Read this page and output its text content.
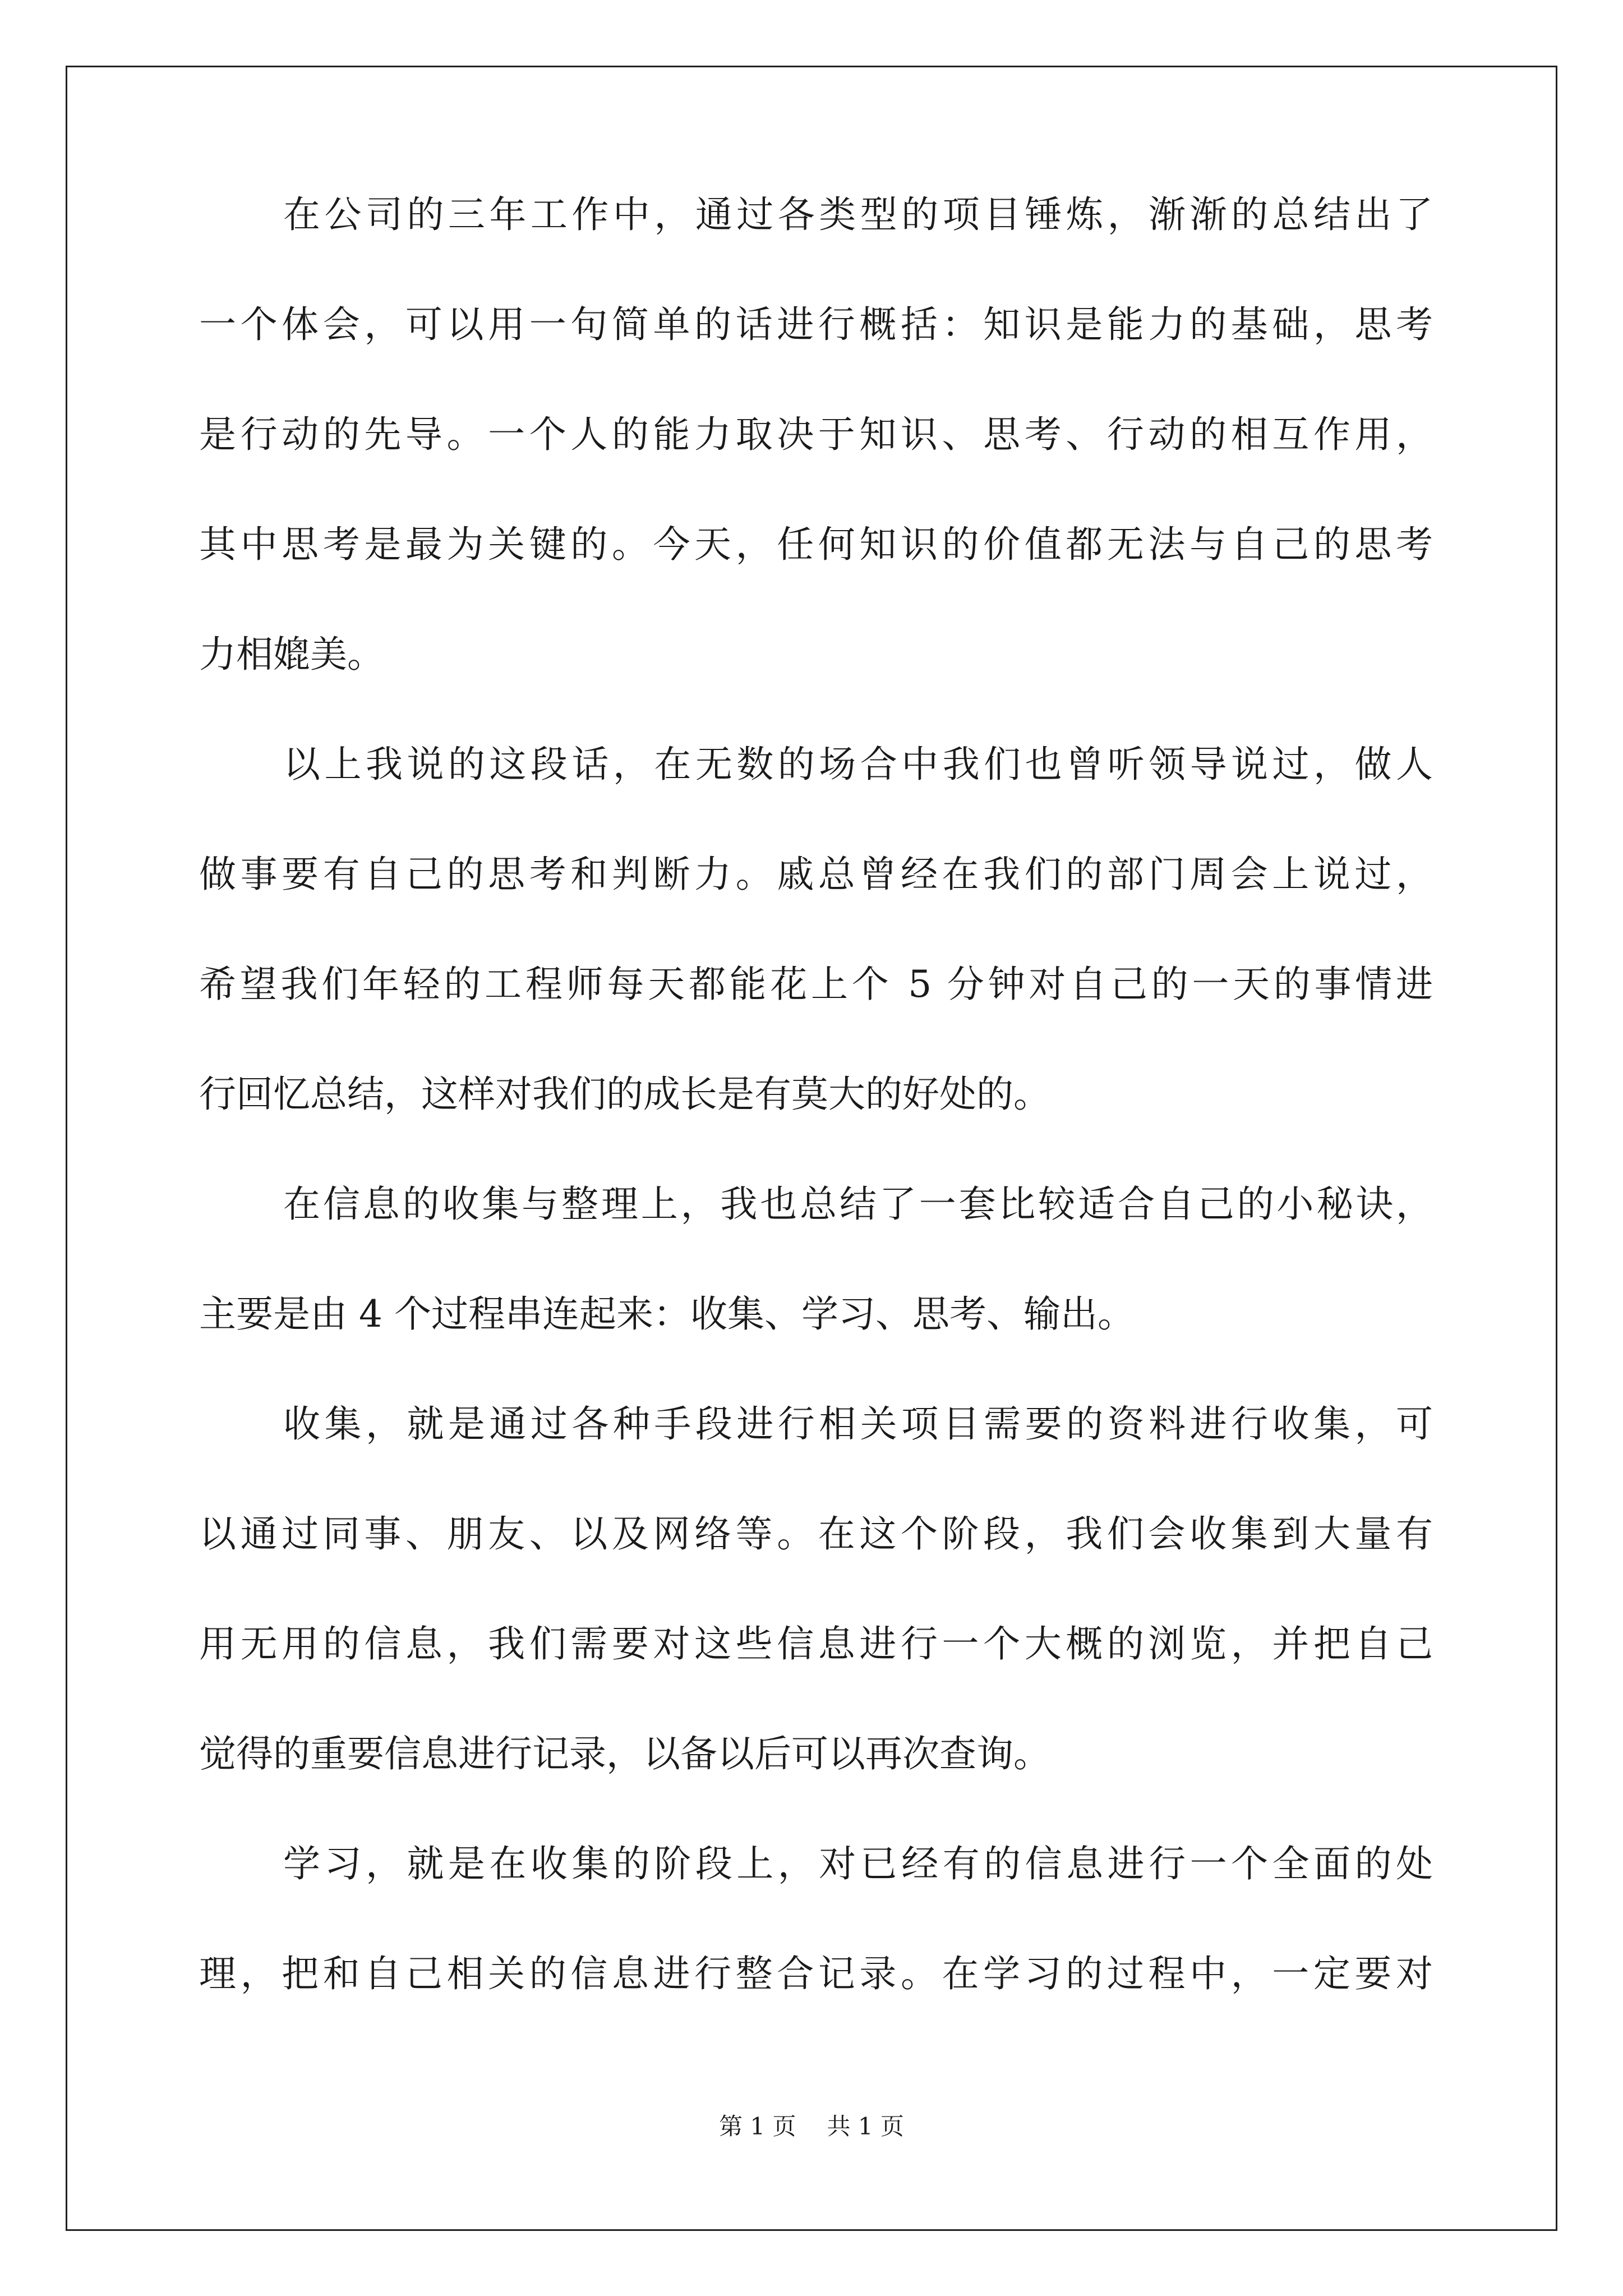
在公司的三年工作中，通过各类型的项目锤炼，渐渐的总结出了
一个体会，可以用一句简单的话进行概括：知识是能力的基础，思考
是行动的先导。一个人的能力取决于知识、思考、行动的相互作用，
其中思考是最为关键的。今天，任何知识的价值都无法与自己的思考
力相媲美。
以上我说的这段话，在无数的场合中我们也曾听领导说过，做人
做事要有自己的思考和判断力。戚总曾经在我们的部门周会上说过，
希望我们年轻的工程师每天都能花上个 5 分钟对自己的一天的事情进
行回忆总结，这样对我们的成长是有莫大的好处的。
在信息的收集与整理上，我也总结了一套比较适合自己的小秘诀，
主要是由 4 个过程串连起来：收集、学习、思考、输出。
收集，就是通过各种手段进行相关项目需要的资料进行收集，可
以通过同事、朋友、以及网络等。在这个阶段，我们会收集到大量有
用无用的信息，我们需要对这些信息进行一个大概的浏览，并把自己
觉得的重要信息进行记录，以备以后可以再次查询。
学习，就是在收集的阶段上，对已经有的信息进行一个全面的处
理，把和自己相关的信息进行整合记录。在学习的过程中，一定要对
第 1 页 共 1 页
